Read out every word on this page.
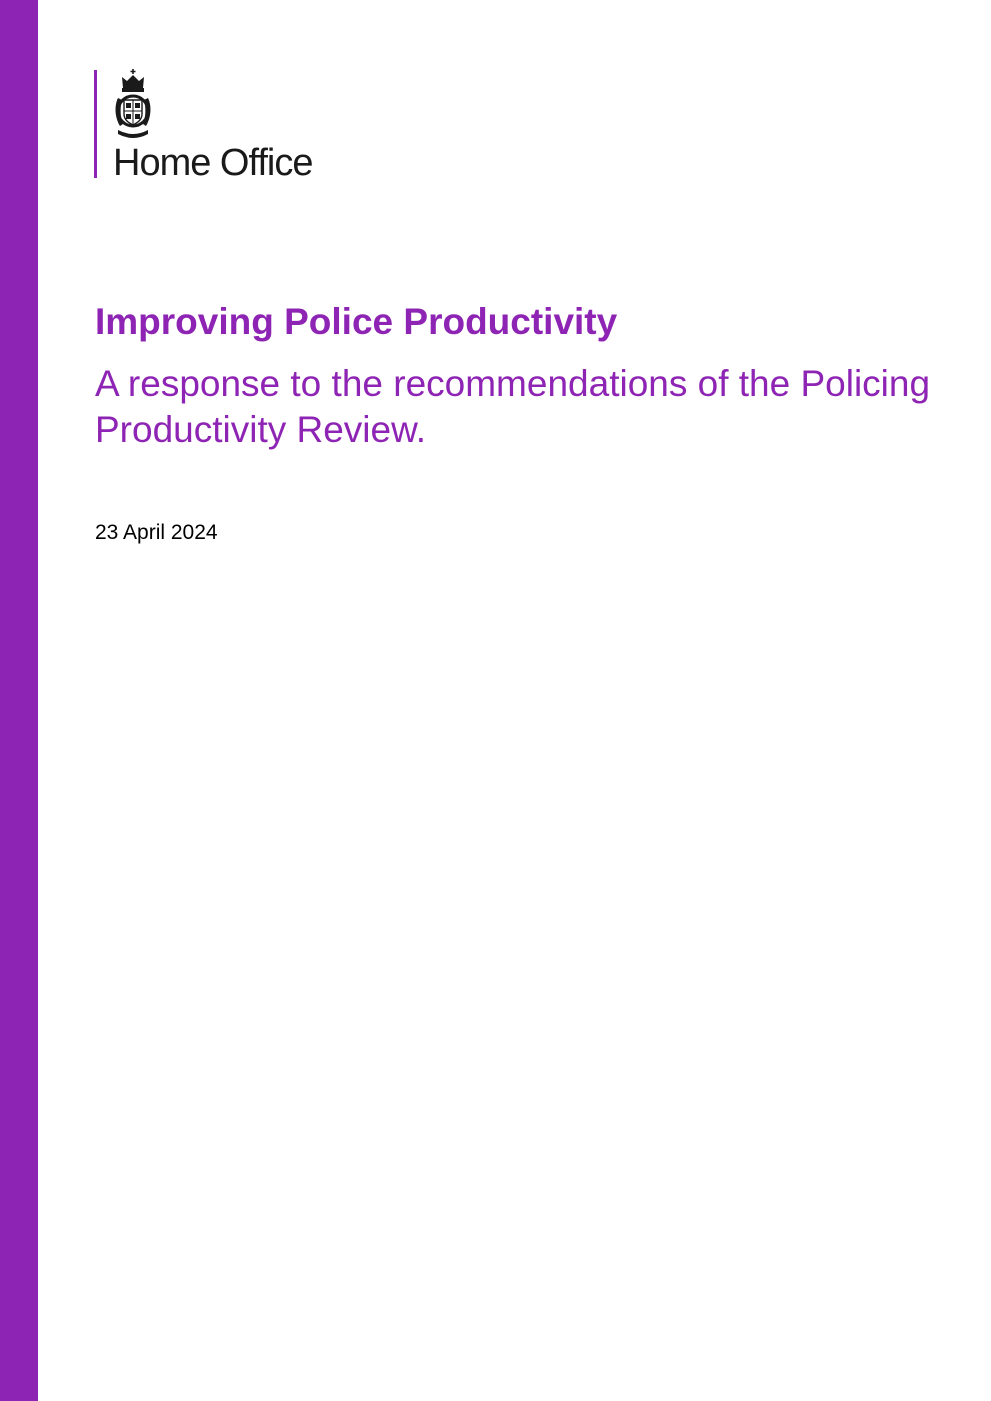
Home Office
Improving Police Productivity
A response to the recommendations of the Policing Productivity Review.
23 April 2024
